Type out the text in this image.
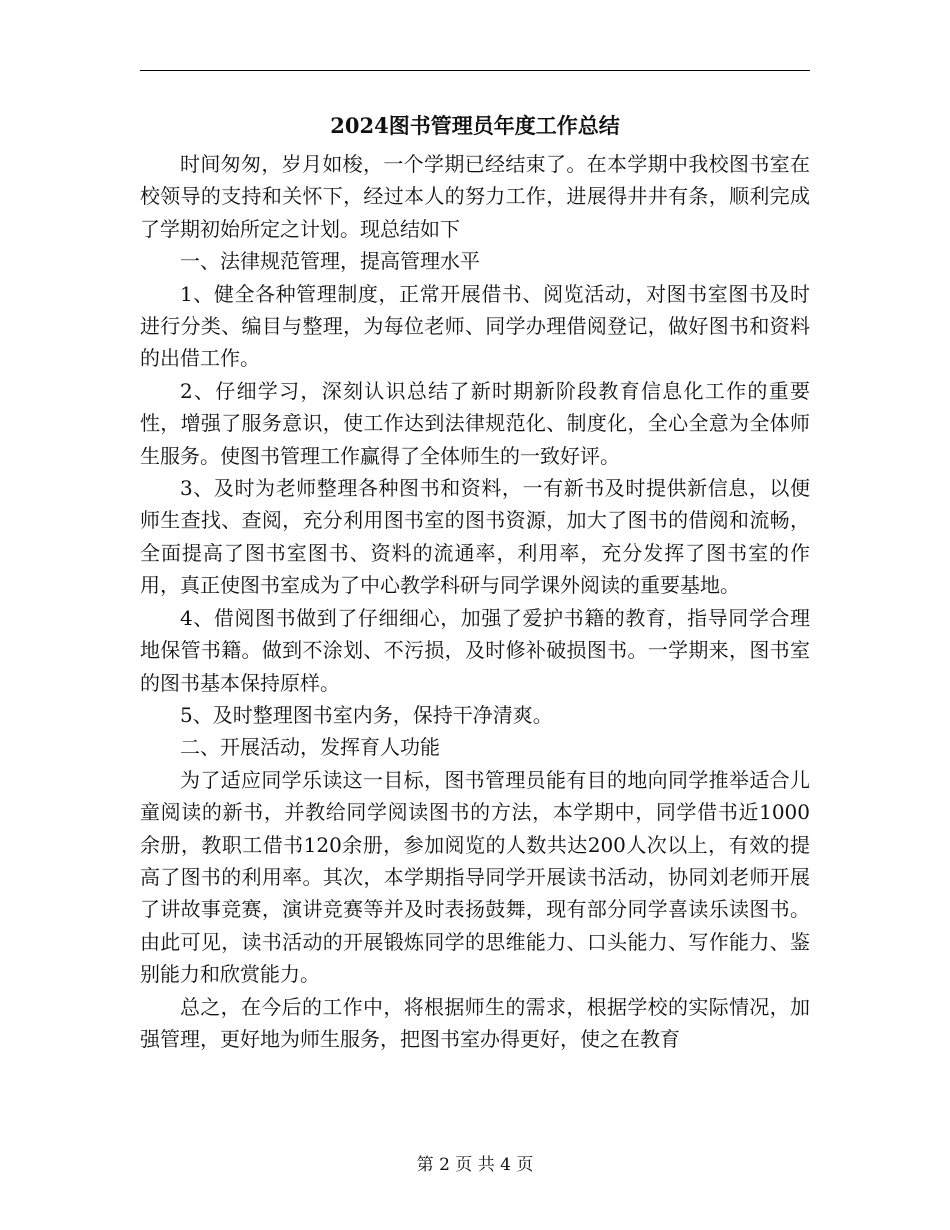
2024图书管理员年度工作总结

时间匆匆，岁月如梭，一个学期已经结束了。在本学期中我校图书室在校领导的支持和关怀下，经过本人的努力工作，进展得井井有条，顺利完成了学期初始所定之计划。现总结如下

一、法律规范管理，提高管理水平

1、健全各种管理制度，正常开展借书、阅览活动，对图书室图书及时进行分类、编目与整理，为每位老师、同学办理借阅登记，做好图书和资料的出借工作。

2、仔细学习，深刻认识总结了新时期新阶段教育信息化工作的重要性，增强了服务意识，使工作达到法律规范化、制度化，全心全意为全体师生服务。使图书管理工作赢得了全体师生的一致好评。

3、及时为老师整理各种图书和资料，一有新书及时提供新信息，以便师生查找、查阅，充分利用图书室的图书资源，加大了图书的借阅和流畅，全面提高了图书室图书、资料的流通率，利用率，充分发挥了图书室的作用，真正使图书室成为了中心教学科研与同学课外阅读的重要基地。

4、借阅图书做到了仔细细心，加强了爱护书籍的教育，指导同学合理地保管书籍。做到不涂划、不污损，及时修补破损图书。一学期来，图书室的图书基本保持原样。

5、及时整理图书室内务，保持干净清爽。

二、开展活动，发挥育人功能

为了适应同学乐读这一目标，图书管理员能有目的地向同学推举适合儿童阅读的新书，并教给同学阅读图书的方法，本学期中，同学借书近1000余册，教职工借书120余册，参加阅览的人数共达200人次以上，有效的提高了图书的利用率。其次，本学期指导同学开展读书活动，协同刘老师开展了讲故事竞赛，演讲竞赛等并及时表扬鼓舞，现有部分同学喜读乐读图书。由此可见，读书活动的开展锻炼同学的思维能力、口头能力、写作能力、鉴别能力和欣赏能力。

总之，在今后的工作中，将根据师生的需求，根据学校的实际情况，加强管理，更好地为师生服务，把图书室办得更好，使之在教育

第 2 页 共 4 页
